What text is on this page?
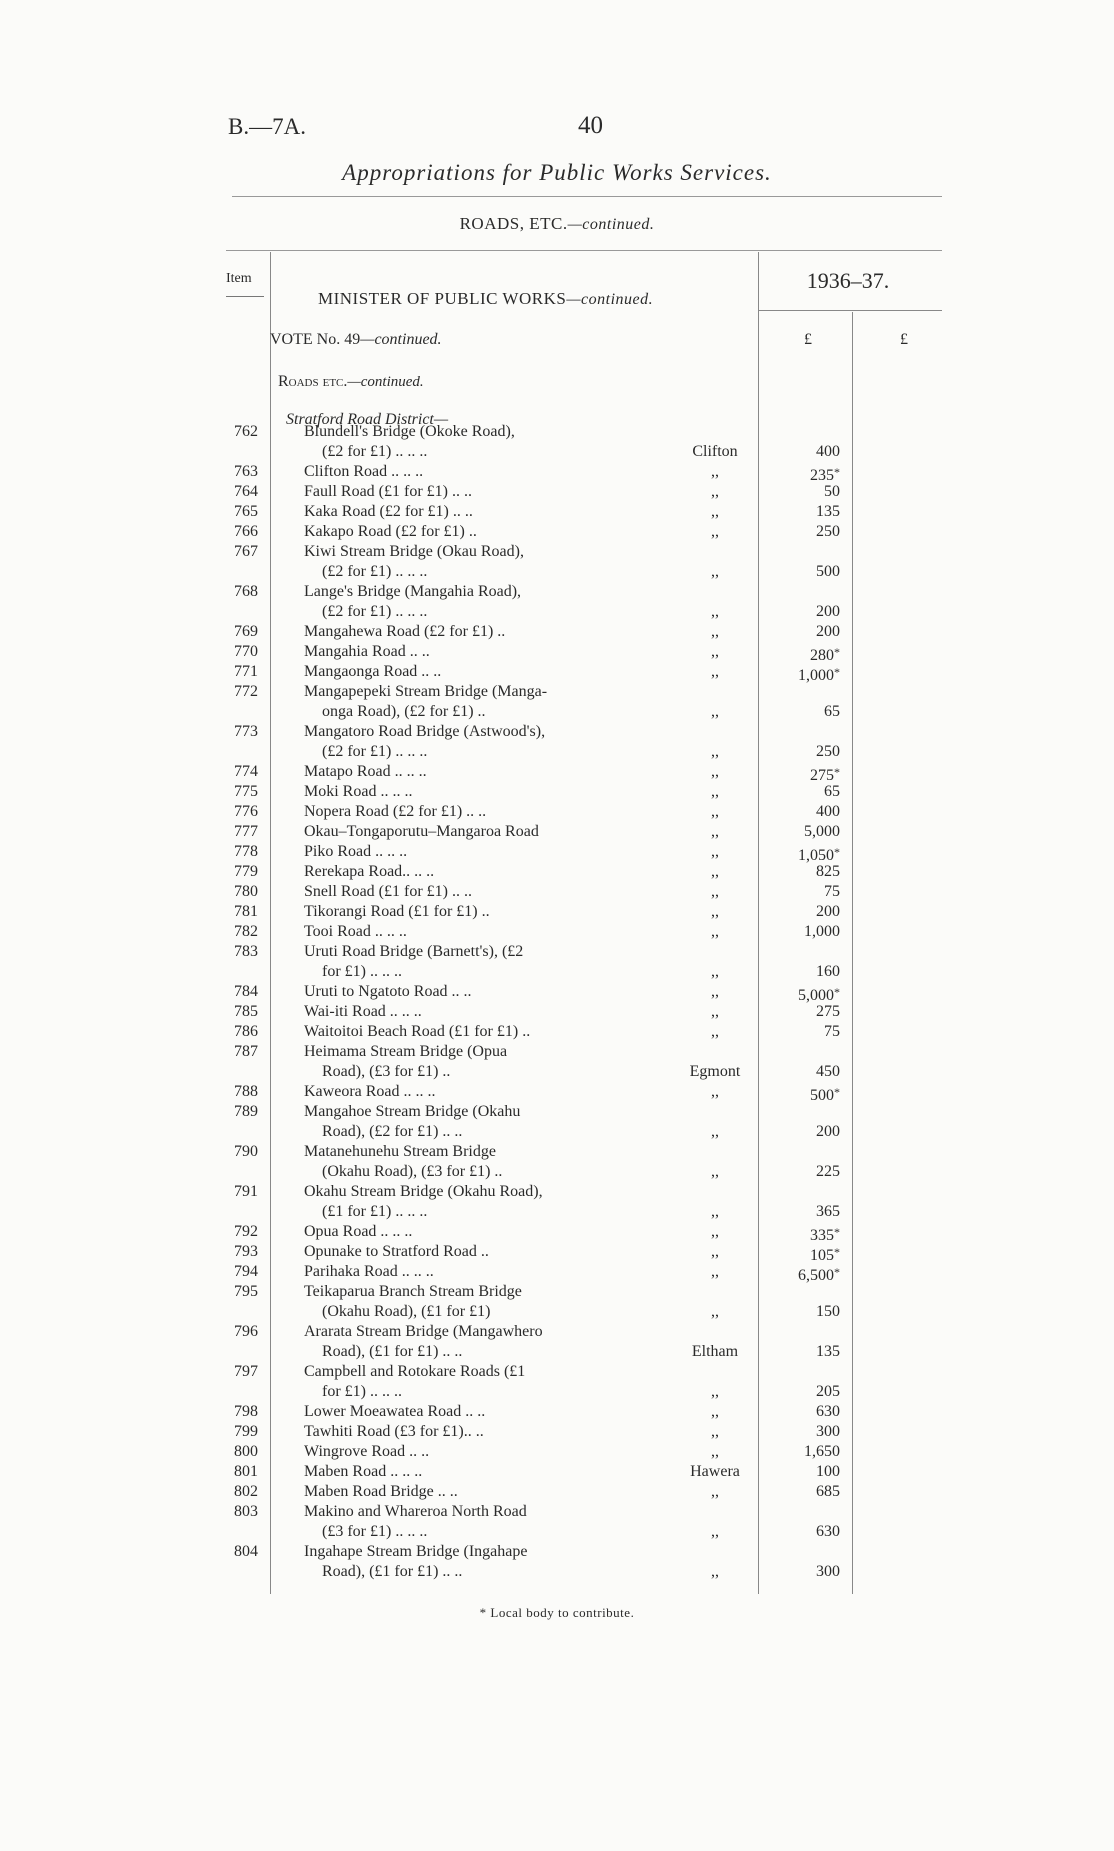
B.—7A.	40
Appropriations for Public Works Services.
ROADS, ETC.—continued.
Item
MINISTER OF PUBLIC WORKS—continued.
1936–37.
VOTE No. 49—continued.	£	£
Roads etc.—continued.
Stratford Road District—
762	Blundell's Bridge (Okoke Road),
(£2 for £1) .. .. ..	Clifton	400
763	Clifton Road .. .. ..	,,	235*
764	Faull Road (£1 for £1) .. ..	,,	50
765	Kaka Road (£2 for £1) .. ..	,,	135
766	Kakapo Road (£2 for £1) ..	,,	250
767	Kiwi Stream Bridge (Okau Road),
(£2 for £1) .. .. ..	,,	500
768	Lange's Bridge (Mangahia Road),
(£2 for £1) .. .. ..	,,	200
769	Mangahewa Road (£2 for £1) ..	,,	200
770	Mangahia Road .. ..	,,	280*
771	Mangaonga Road .. ..	,,	1,000*
772	Mangapepeki Stream Bridge (Manga-
onga Road), (£2 for £1) ..	,,	65
773	Mangatoro Road Bridge (Astwood's),
(£2 for £1) .. .. ..	,,	250
774	Matapo Road .. .. ..	,,	275*
775	Moki Road .. .. ..	,,	65
776	Nopera Road (£2 for £1) .. ..	,,	400
777	Okau–Tongaporutu–Mangaroa Road	,,	5,000
778	Piko Road .. .. ..	,,	1,050*
779	Rerekapa Road.. .. ..	,,	825
780	Snell Road (£1 for £1) .. ..	,,	75
781	Tikorangi Road (£1 for £1) ..	,,	200
782	Tooi Road .. .. ..	,,	1,000
783	Uruti Road Bridge (Barnett's), (£2
for £1) .. .. ..	,,	160
784	Uruti to Ngatoto Road .. ..	,,	5,000*
785	Wai-iti Road .. .. ..	,,	275
786	Waitoitoi Beach Road (£1 for £1) ..	,,	75
787	Heimama Stream Bridge (Opua
Road), (£3 for £1) ..	Egmont	450
788	Kaweora Road .. .. ..	,,	500*
789	Mangahoe Stream Bridge (Okahu
Road), (£2 for £1) .. ..	,,	200
790	Matanehunehu Stream Bridge
(Okahu Road), (£3 for £1) ..	,,	225
791	Okahu Stream Bridge (Okahu Road),
(£1 for £1) .. .. ..	,,	365
792	Opua Road .. .. ..	,,	335*
793	Opunake to Stratford Road ..	,,	105*
794	Parihaka Road .. .. ..	,,	6,500*
795	Teikaparua Branch Stream Bridge
(Okahu Road), (£1 for £1)	,,	150
796	Ararata Stream Bridge (Mangawhero
Road), (£1 for £1) .. ..	Eltham	135
797	Campbell and Rotokare Roads (£1
for £1) .. .. ..	,,	205
798	Lower Moeawatea Road .. ..	,,	630
799	Tawhiti Road (£3 for £1).. ..	,,	300
800	Wingrove Road .. ..	,,	1,650
801	Maben Road .. .. ..	Hawera	100
802	Maben Road Bridge .. ..	,,	685
803	Makino and Whareroa North Road
(£3 for £1) .. .. ..	,,	630
804	Ingahape Stream Bridge (Ingahape
Road), (£1 for £1) .. ..	,,	300
* Local body to contribute.
